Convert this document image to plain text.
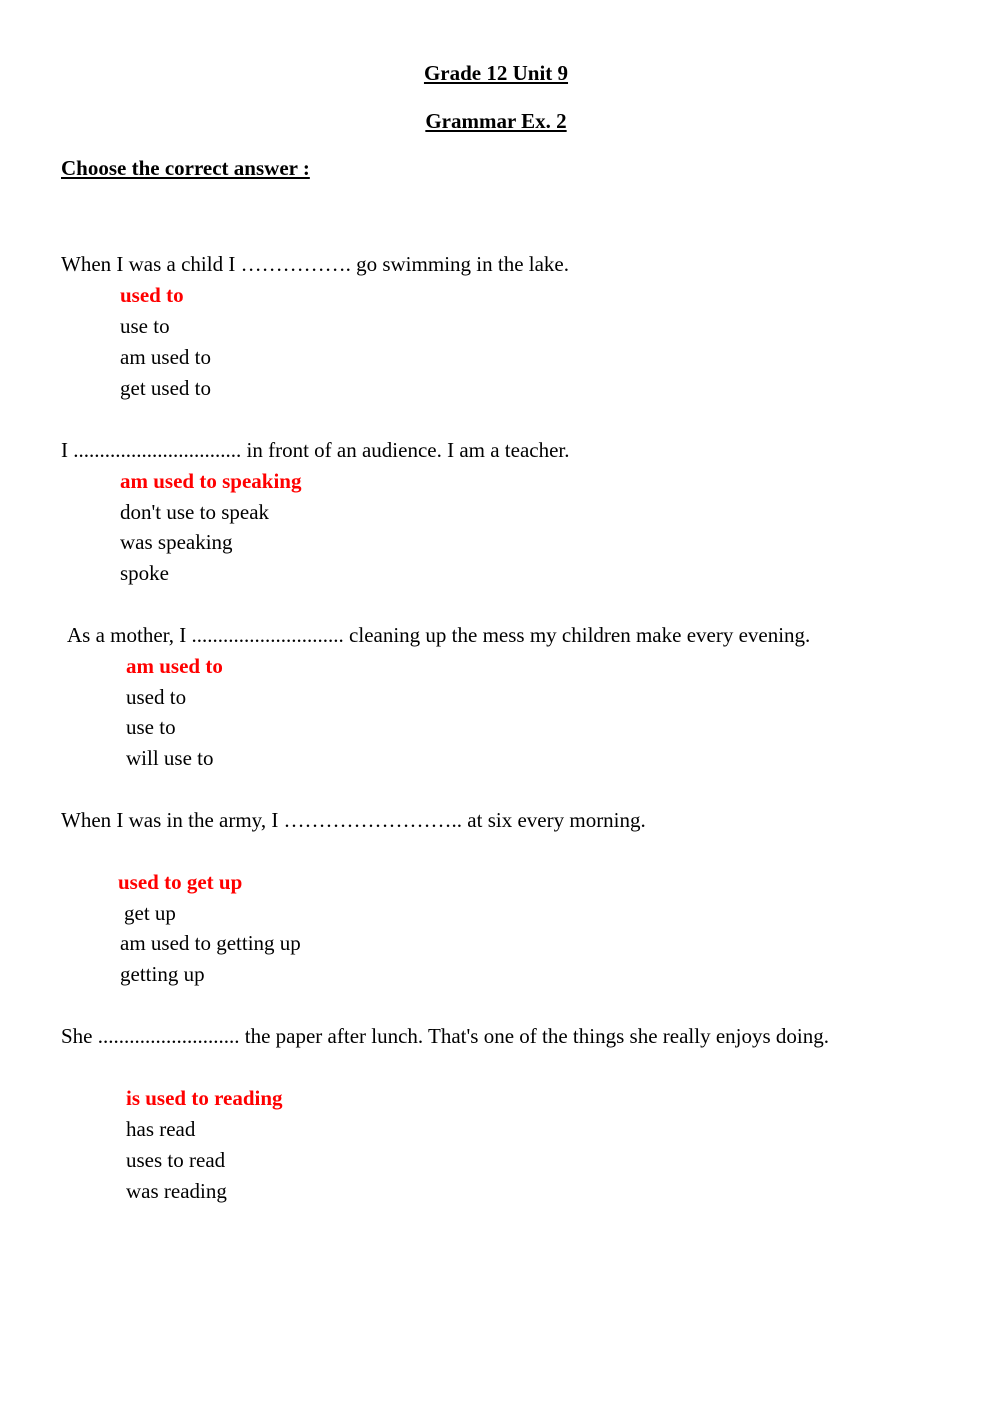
Grade 12 Unit 9
Grammar Ex. 2
Choose the correct answer :
When I was a child I ……………. go swimming in the lake.
used to
use to
am used to
get used to
I ................................ in front of an audience. I am a teacher.
am used to speaking
don't use to speak
was speaking
spoke
As a mother, I ............................. cleaning up the mess my children make every evening.
am used to
used to
use to
will use to
When I was in the army, I …………………….. at six every morning.
used to get up
get up
am used to getting up
getting up
She ........................... the paper after lunch. That's one of the things she really enjoys doing.
is used to reading
has read
uses to read
was reading
